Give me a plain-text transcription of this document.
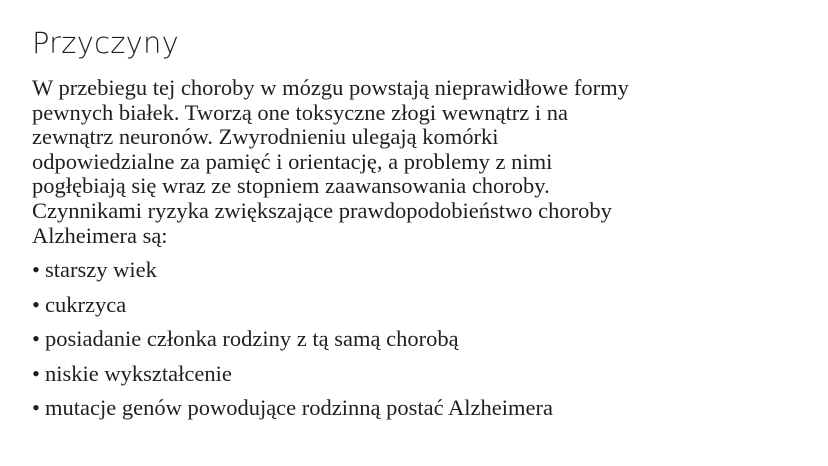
Przyczyny

W przebiegu tej choroby w mózgu powstają nieprawidłowe formy
pewnych białek. Tworzą one toksyczne złogi wewnątrz i na
zewnątrz neuronów. Zwyrodnieniu ulegają komórki
odpowiedzialne za pamięć i orientację, a problemy z nimi
pogłębiają się wraz ze stopniem zaawansowania choroby.
Czynnikami ryzyka zwiększające prawdopodobieństwo choroby
Alzheimera są:

• starszy wiek
• cukrzyca
• posiadanie członka rodziny z tą samą chorobą
• niskie wykształcenie
• mutacje genów powodujące rodzinną postać Alzheimera
